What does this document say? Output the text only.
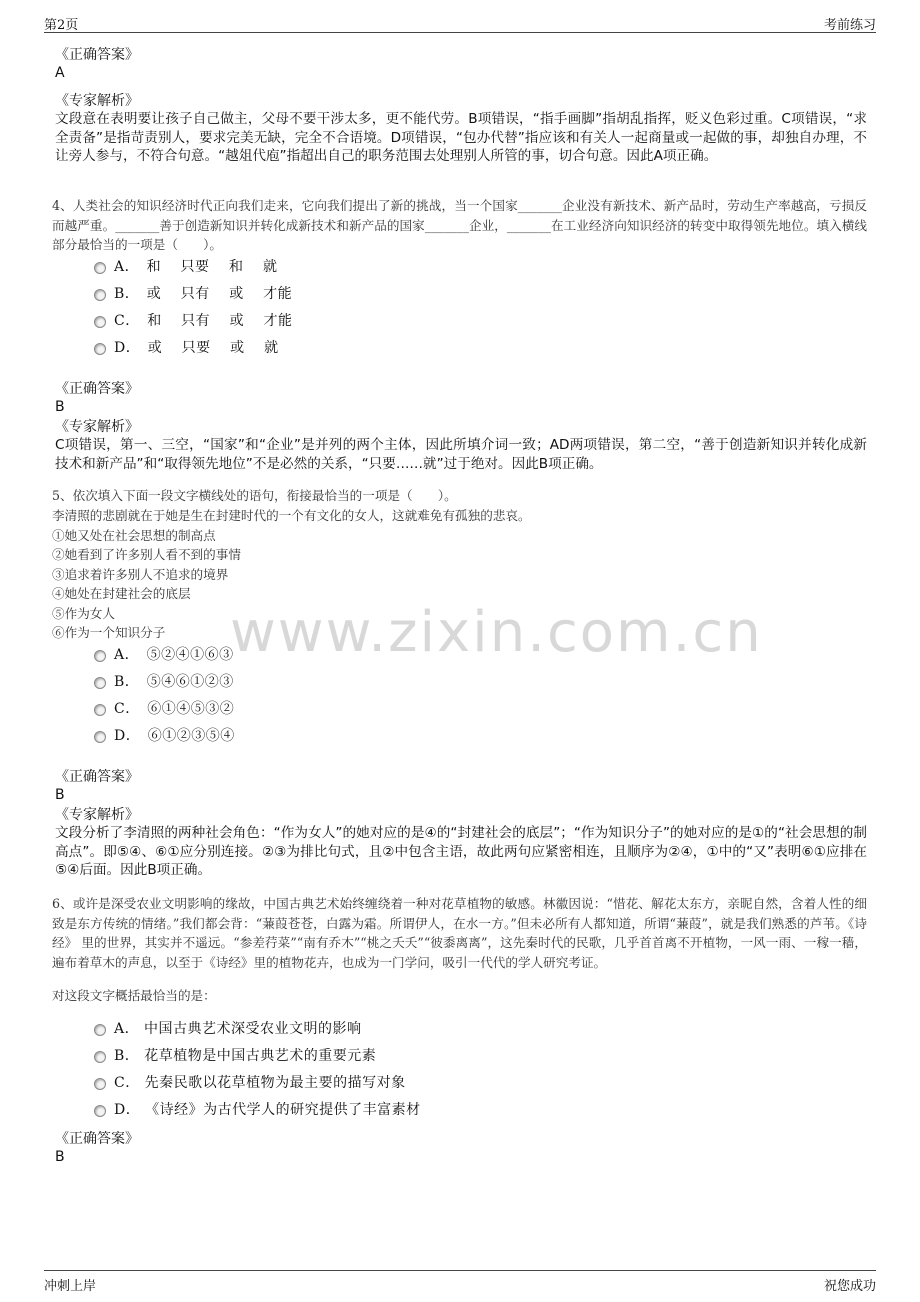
第2页	考前练习
www.zixin.com.cn
《正确答案》
A
《专家解析》
文段意在表明要让孩子自己做主，父母不要干涉太多，更不能代劳。B项错误，“指手画脚”指胡乱指挥，贬义色彩过重。C项错误，“求全责备”是指苛责别人，要求完美无缺，完全不合语境。D项错误，“包办代替”指应该和有关人一起商量或一起做的事，却独自办理，不让旁人参与，不符合句意。“越俎代庖”指超出自己的职务范围去处理别人所管的事，切合句意。因此A项正确。
4、人类社会的知识经济时代正向我们走来，它向我们提出了新的挑战，当一个国家_______企业没有新技术、新产品时，劳动生产率越高，亏损反而越严重。_______善于创造新知识并转化成新技术和新产品的国家_______企业，_______在工业经济向知识经济的转变中取得领先地位。填入横线部分最恰当的一项是（　　）。
A．　和　 只要　 和　 就
B．　或　 只有　 或　 才能
C．　和　 只有　 或　 才能
D．　或　 只要　 或　 就
《正确答案》
B
《专家解析》
C项错误，第一、三空，“国家”和“企业”是并列的两个主体，因此所填介词一致；AD两项错误，第二空，“善于创造新知识并转化成新技术和新产品”和“取得领先地位”不是必然的关系，“只要……就”过于绝对。因此B项正确。
5、依次填入下面一段文字横线处的语句，衔接最恰当的一项是（　　）。
李清照的悲剧就在于她是生在封建时代的一个有文化的女人，这就难免有孤独的悲哀。
①她又处在社会思想的制高点
②她看到了许多别人看不到的事情
③追求着许多别人不追求的境界
④她处在封建社会的底层
⑤作为女人
⑥作为一个知识分子
A．　⑤②④①⑥③
B．　⑤④⑥①②③
C．　⑥①④⑤③②
D．　⑥①②③⑤④
《正确答案》
B
《专家解析》
文段分析了李清照的两种社会角色：“作为女人”的她对应的是④的“封建社会的底层”；“作为知识分子”的她对应的是①的“社会思想的制高点”。即⑤④、⑥①应分别连接。②③为排比句式，且②中包含主语，故此两句应紧密相连，且顺序为②④，①中的“又”表明⑥①应排在⑤④后面。因此B项正确。
6、或许是深受农业文明影响的缘故，中国古典艺术始终缠绕着一种对花草植物的敏感。林徽因说：“惜花、解花太东方，亲昵自然，含着人性的细致是东方传统的情绪。”我们都会背：“蒹葭苍苍，白露为霜。所谓伊人，在水一方。”但未必所有人都知道，所谓“蒹葭”，就是我们熟悉的芦苇。《诗经》 里的世界，其实并不遥远。“参差荇菜”“南有乔木”“桃之夭夭”“彼黍离离”，这先秦时代的民歌，几乎首首离不开植物，一风一雨、一稼一穑，遍布着草木的声息，以至于《诗经》里的植物花卉，也成为一门学问，吸引一代代的学人研究考证。
对这段文字概括最恰当的是：
A． 中国古典艺术深受农业文明的影响
B． 花草植物是中国古典艺术的重要元素
C． 先秦民歌以花草植物为最主要的描写对象
D． 《诗经》为古代学人的研究提供了丰富素材
《正确答案》
B
冲刺上岸	祝您成功
